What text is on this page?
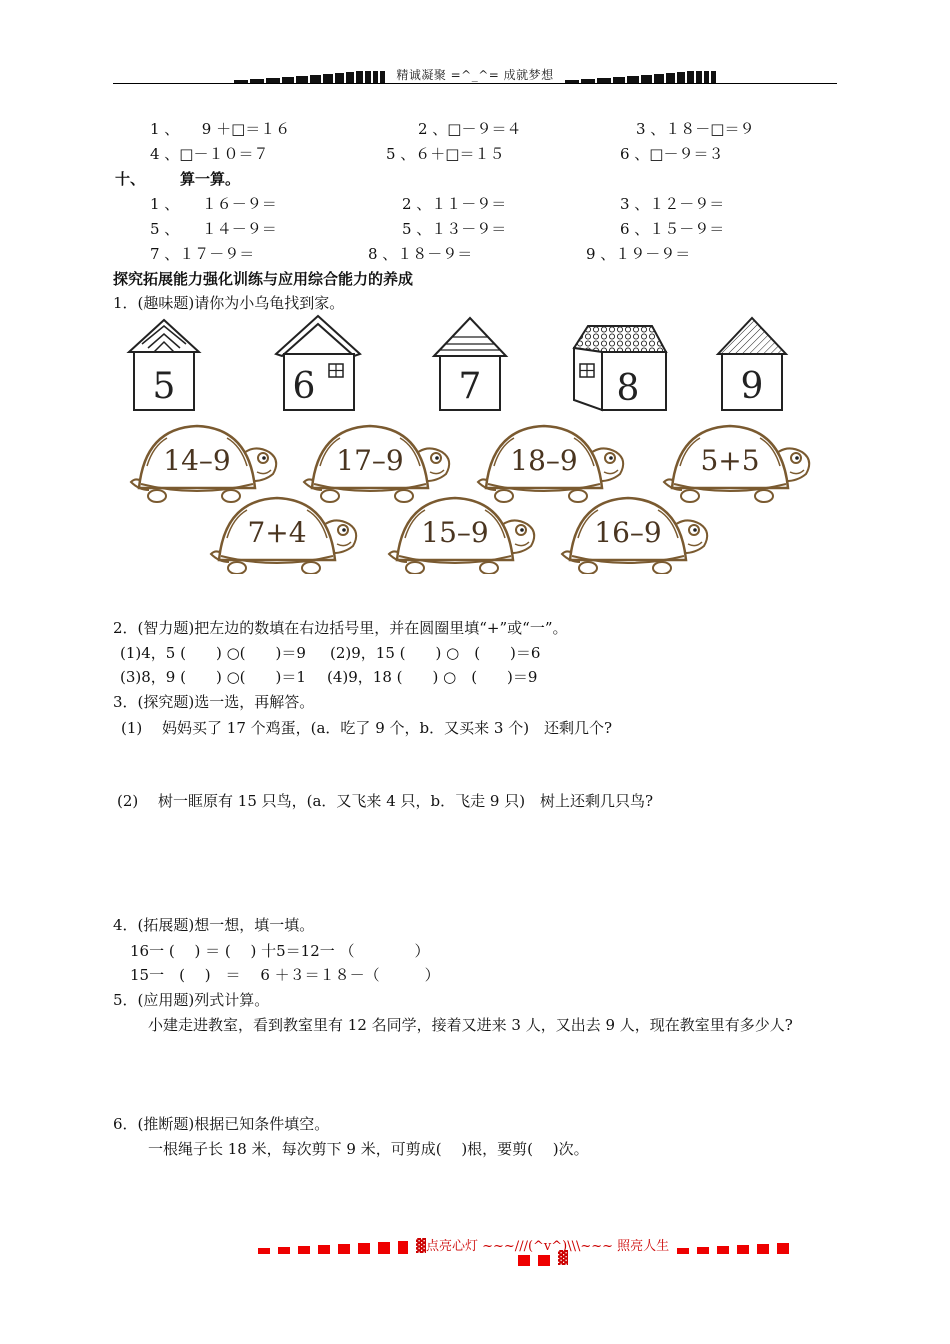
精诚凝聚 =^_^= 成就梦想
1 、　　9 ＋□＝１６	2 、□－９＝４	3 、１８－□＝９
4 、□－１０＝７	5 、６＋□＝１５	6 、□－９＝３
十、 算一算。
1 、　　１６－９＝	2 、１１－９＝	3 、１２－９＝
5 、　　１４－９＝	5 、１３－９＝	6 、１５－９＝
7 、１７－９＝	8 、１８－９＝	9 、１９－９＝
探究拓展能力强化训练与应用综合能力的养成
1．(趣味题)请你为小乌龟找到家。
5	6	7	8	9
14–9	17–9	18–9	5+5
7+4	15–9	16–9
2．(智力题)把左边的数填在右边括号里，并在圆圈里填“+”或“一”。
(1)4，5 (　　) ○(　　)＝9 (2)9，15 (　　) ○　(　　)＝6
(3)8，9 (　　) ○(　　)＝1 (4)9，18 (　　) ○　(　　)＝9
3．(探究题)选一选，再解答。
(1)　 妈妈买了 17 个鸡蛋，(a．吃了 9 个，b．又买来 3 个)　还剩几个?
(2)　 树一眶原有 15 只鸟，(a．又飞来 4 只，b．飞走 9 只)　树上还剩几只鸟?
4．(拓展题)想一想，填一填。
16一 (　 ) ＝ (　 ) 十5＝12一 （　　　　）
15一　(　 )　＝　 6 ＋３＝１８－（　　　）
5．(应用题)列式计算。
小建走进教室，看到教室里有 12 名同学，接着又进来 3 人，又出去 9 人，现在教室里有多少人?
6．(推断题)根据已知条件填空。
一根绳子长 18 米，每次剪下 9 米，可剪成(　 )根，要剪(　 )次。
▓点亮心灯 ~~~///(^v^)\\\~~~ 照亮人生
▓
